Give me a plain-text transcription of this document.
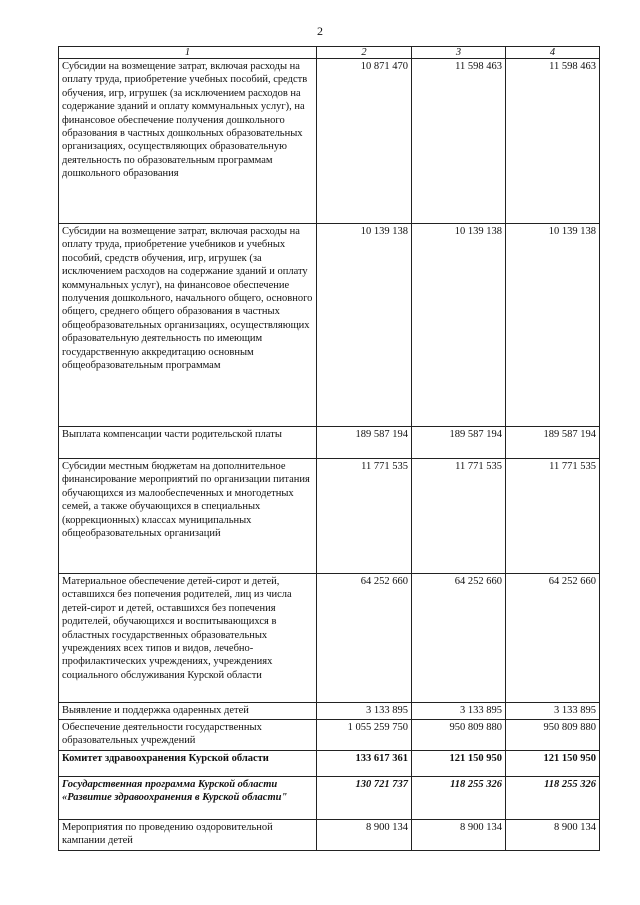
2
1	2	3	4
Субсидии на возмещение затрат, включая расходы на оплату труда, приобретение учебных пособий, средств обучения, игр, игрушек (за исключением расходов на содержание зданий и оплату коммунальных услуг), на финансовое обеспечение получения дошкольного образования в частных дошкольных образовательных организациях, осуществляющих образовательную деятельность по образовательным программам дошкольного образования	10 871 470	11 598 463	11 598 463
Субсидии на возмещение затрат, включая расходы на оплату труда, приобретение учебников и учебных пособий, средств обучения, игр, игрушек (за исключением расходов на содержание зданий и оплату коммунальных услуг), на финансовое обеспечение получения дошкольного, начального общего, основного общего, среднего общего образования в частных общеобразовательных организациях, осуществляющих образовательную деятельность по имеющим государственную аккредитацию основным общеобразовательным программам	10 139 138	10 139 138	10 139 138
Выплата компенсации части родительской платы	189 587 194	189 587 194	189 587 194
Субсидии местным бюджетам на дополнительное финансирование мероприятий по организации питания обучающихся из малообеспеченных и многодетных семей, а также обучающихся в специальных (коррекционных) классах муниципальных общеобразовательных организаций	11 771 535	11 771 535	11 771 535
Материальное обеспечение детей-сирот и детей, оставшихся без попечения родителей, лиц из числа детей-сирот и детей, оставшихся без попечения родителей, обучающихся и воспитывающихся в областных государственных образовательных учреждениях всех типов и видов, лечебно-профилактических учреждениях, учреждениях социального обслуживания Курской области	64 252 660	64 252 660	64 252 660
Выявление и поддержка одаренных детей	3 133 895	3 133 895	3 133 895
Обеспечение деятельности государственных образовательных учреждений	1 055 259 750	950 809 880	950 809 880
Комитет здравоохранения Курской области	133 617 361	121 150 950	121 150 950
Государственная программа Курской области «Развитие здравоохранения в Курской области"	130 721 737	118 255 326	118 255 326
Мероприятия по проведению оздоровительной кампании детей	8 900 134	8 900 134	8 900 134
